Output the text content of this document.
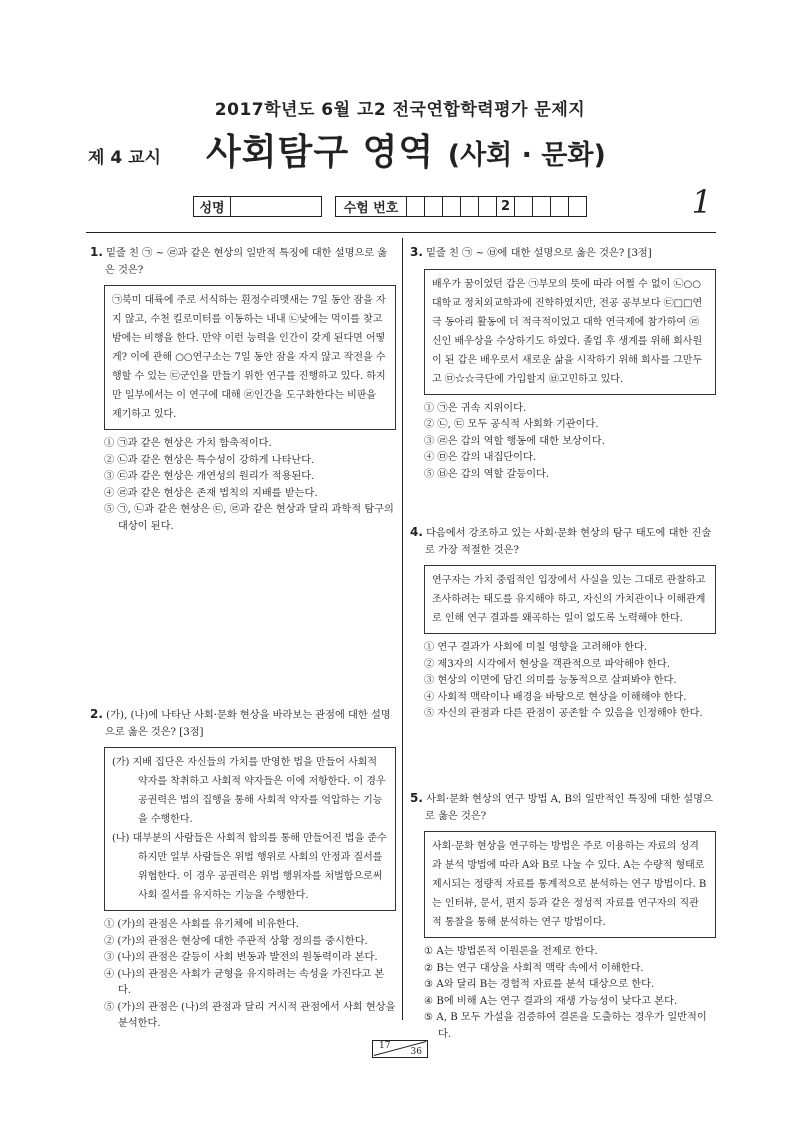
2017학년도 6월 고2 전국연합학력평가 문제지
제 4 교시 사회탐구 영역 (사회 · 문화)
성명		수험 번호						2					1

1. 밑줄 친 ㉠ ~ ㉣과 같은 현상의 일반적 특징에 대한 설명으로 옳은 것은?

㉠북미 대륙에 주로 서식하는 흰정수리멧새는 7일 동안 잠을 자지 않고, 수천 킬로미터를 이동하는 내내 ㉡낮에는 먹이를 찾고 밤에는 비행을 한다. 만약 이런 능력을 인간이 갖게 된다면 어떻게? 이에 관해 ○○연구소는 7일 동안 잠을 자지 않고 작전을 수행할 수 있는 ㉢군인을 만들기 위한 연구를 진행하고 있다. 하지만 일부에서는 이 연구에 대해 ㉣인간을 도구화한다는 비판을 제기하고 있다.
① ㉠과 같은 현상은 가치 함축적이다.
② ㉡과 같은 현상은 특수성이 강하게 나타난다.
③ ㉢과 같은 현상은 개연성의 원리가 적용된다.
④ ㉣과 같은 현상은 존재 법칙의 지배를 받는다.
⑤ ㉠, ㉡과 같은 현상은 ㉢, ㉣과 같은 현상과 달리 과학적 탐구의 대상이 된다.

2. (가), (나)에 나타난 사회·문화 현상을 바라보는 관점에 대한 설명으로 옳은 것은? [3점]

(가) 지배 집단은 자신들의 가치를 반영한 법을 만들어 사회적 약자를 착취하고 사회적 약자들은 이에 저항한다. 이 경우 공권력은 법의 집행을 통해 사회적 약자를 억압하는 기능을 수행한다.
(나) 대부분의 사람들은 사회적 합의를 통해 만들어진 법을 준수하지만 일부 사람들은 위법 행위로 사회의 안정과 질서를 위협한다. 이 경우 공권력은 위법 행위자를 처벌함으로써 사회 질서를 유지하는 기능을 수행한다.
① (가)의 관점은 사회를 유기체에 비유한다.
② (가)의 관점은 현상에 대한 주관적 상황 정의를 중시한다.
③ (나)의 관점은 갈등이 사회 변동과 발전의 원동력이라 본다.
④ (나)의 관점은 사회가 균형을 유지하려는 속성을 가진다고 본다.
⑤ (가)의 관점은 (나)의 관점과 달리 거시적 관점에서 사회 현상을 분석한다.

3. 밑줄 친 ㉠ ~ ㉥에 대한 설명으로 옳은 것은? [3점]

배우가 꿈이었던 갑은 ㉠부모의 뜻에 따라 어쩔 수 없이 ㉡○○대학교 정치외교학과에 진학하였지만, 전공 공부보다 ㉢□□연극 동아리 활동에 더 적극적이었고 대학 연극제에 참가하여 ㉣신인 배우상을 수상하기도 하였다. 졸업 후 생계를 위해 회사원이 된 갑은 배우로서 새로운 삶을 시작하기 위해 회사를 그만두고 ㉤☆☆극단에 가입할지 ㉥고민하고 있다.
① ㉠은 귀속 지위이다.
② ㉡, ㉢ 모두 공식적 사회화 기관이다.
③ ㉣은 갑의 역할 행동에 대한 보상이다.
④ ㉤은 갑의 내집단이다.
⑤ ㉥은 갑의 역할 갈등이다.

4. 다음에서 강조하고 있는 사회·문화 현상의 탐구 태도에 대한 진술로 가장 적절한 것은?

연구자는 가치 중립적인 입장에서 사실을 있는 그대로 관찰하고 조사하려는 태도를 유지해야 하고, 자신의 가치관이나 이해관계로 인해 연구 결과를 왜곡하는 일이 없도록 노력해야 한다.
① 연구 결과가 사회에 미칠 영향을 고려해야 한다.
② 제3자의 시각에서 현상을 객관적으로 파악해야 한다.
③ 현상의 이면에 담긴 의미를 능동적으로 살펴봐야 한다.
④ 사회적 맥락이나 배경을 바탕으로 현상을 이해해야 한다.
⑤ 자신의 관점과 다른 관점이 공존할 수 있음을 인정해야 한다.

5. 사회·문화 현상의 연구 방법 A, B의 일반적인 특징에 대한 설명으로 옳은 것은?

사회·문화 현상을 연구하는 방법은 주로 이용하는 자료의 성격과 분석 방법에 따라 A와 B로 나눌 수 있다. A는 수량적 형태로 제시되는 정량적 자료를 통계적으로 분석하는 연구 방법이다. B는 인터뷰, 문서, 편지 등과 같은 정성적 자료를 연구자의 직관적 통찰을 통해 분석하는 연구 방법이다.
① A는 방법론적 이원론을 전제로 한다.
② B는 연구 대상을 사회적 맥락 속에서 이해한다.
③ A와 달리 B는 경험적 자료를 분석 대상으로 한다.
④ B에 비해 A는 연구 결과의 재생 가능성이 낮다고 본다.
⑤ A, B 모두 가설을 검증하여 결론을 도출하는 경우가 일반적이다.
17
36
